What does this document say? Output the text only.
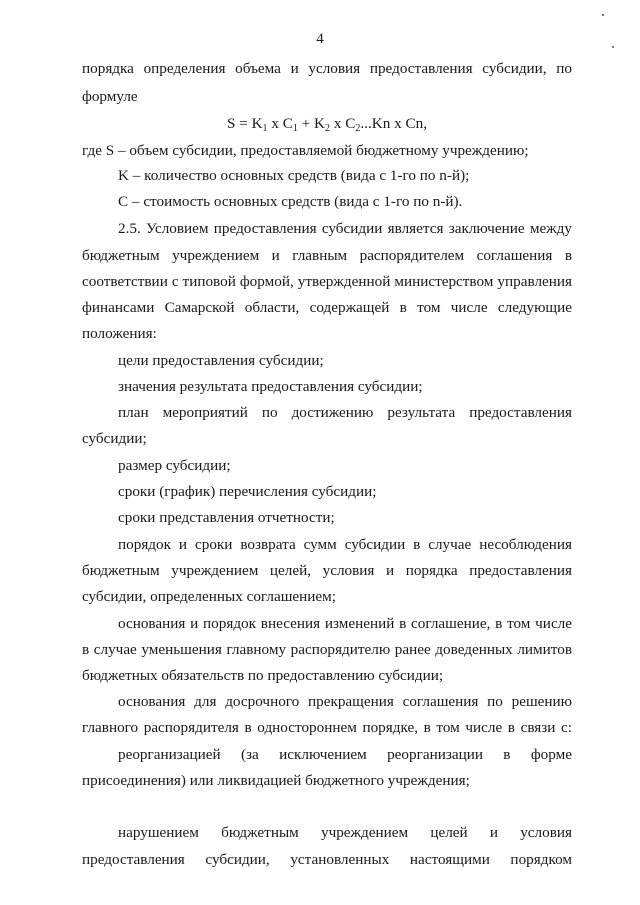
4
порядка определения объема и условия предоставления субсидии, по
формуле
$S = K_1$ x $C_1 + K_2$ x $C_2...Kn$ x Cn,
где S – объем субсидии, предоставляемой бюджетному учреждению;
K – количество основных средств (вида с 1-го по n-й);
C – стоимость основных средств (вида с 1-го по n-й).
2.5. Условием предоставления субсидии является заключение между
бюджетным учреждением и главным распорядителем соглашения в
соответствии с типовой формой, утвержденной министерством управления
финансами Самарской области, содержащей в том числе следующие
положения:
цели предоставления субсидии;
значения результата предоставления субсидии;
план мероприятий по достижению результата предоставления
субсидии;
размер субсидии;
сроки (график) перечисления субсидии;
сроки представления отчетности;
порядок и сроки возврата сумм субсидии в случае несоблюдения
бюджетным учреждением целей, условия и порядка предоставления
субсидии, определенных соглашением;
основания и порядок внесения изменений в соглашение, в том числе
в случае уменьшения главному распорядителю ранее доведенных лимитов
бюджетных обязательств по предоставлению субсидии;
основания для досрочного прекращения соглашения по решению
главного распорядителя в одностороннем порядке, в том числе в связи с:
реорганизацией (за исключением реорганизации в форме
присоединения) или ликвидацией бюджетного учреждения;
нарушением бюджетным учреждением целей и условия
предоставления субсидии, установленных настоящими порядком
